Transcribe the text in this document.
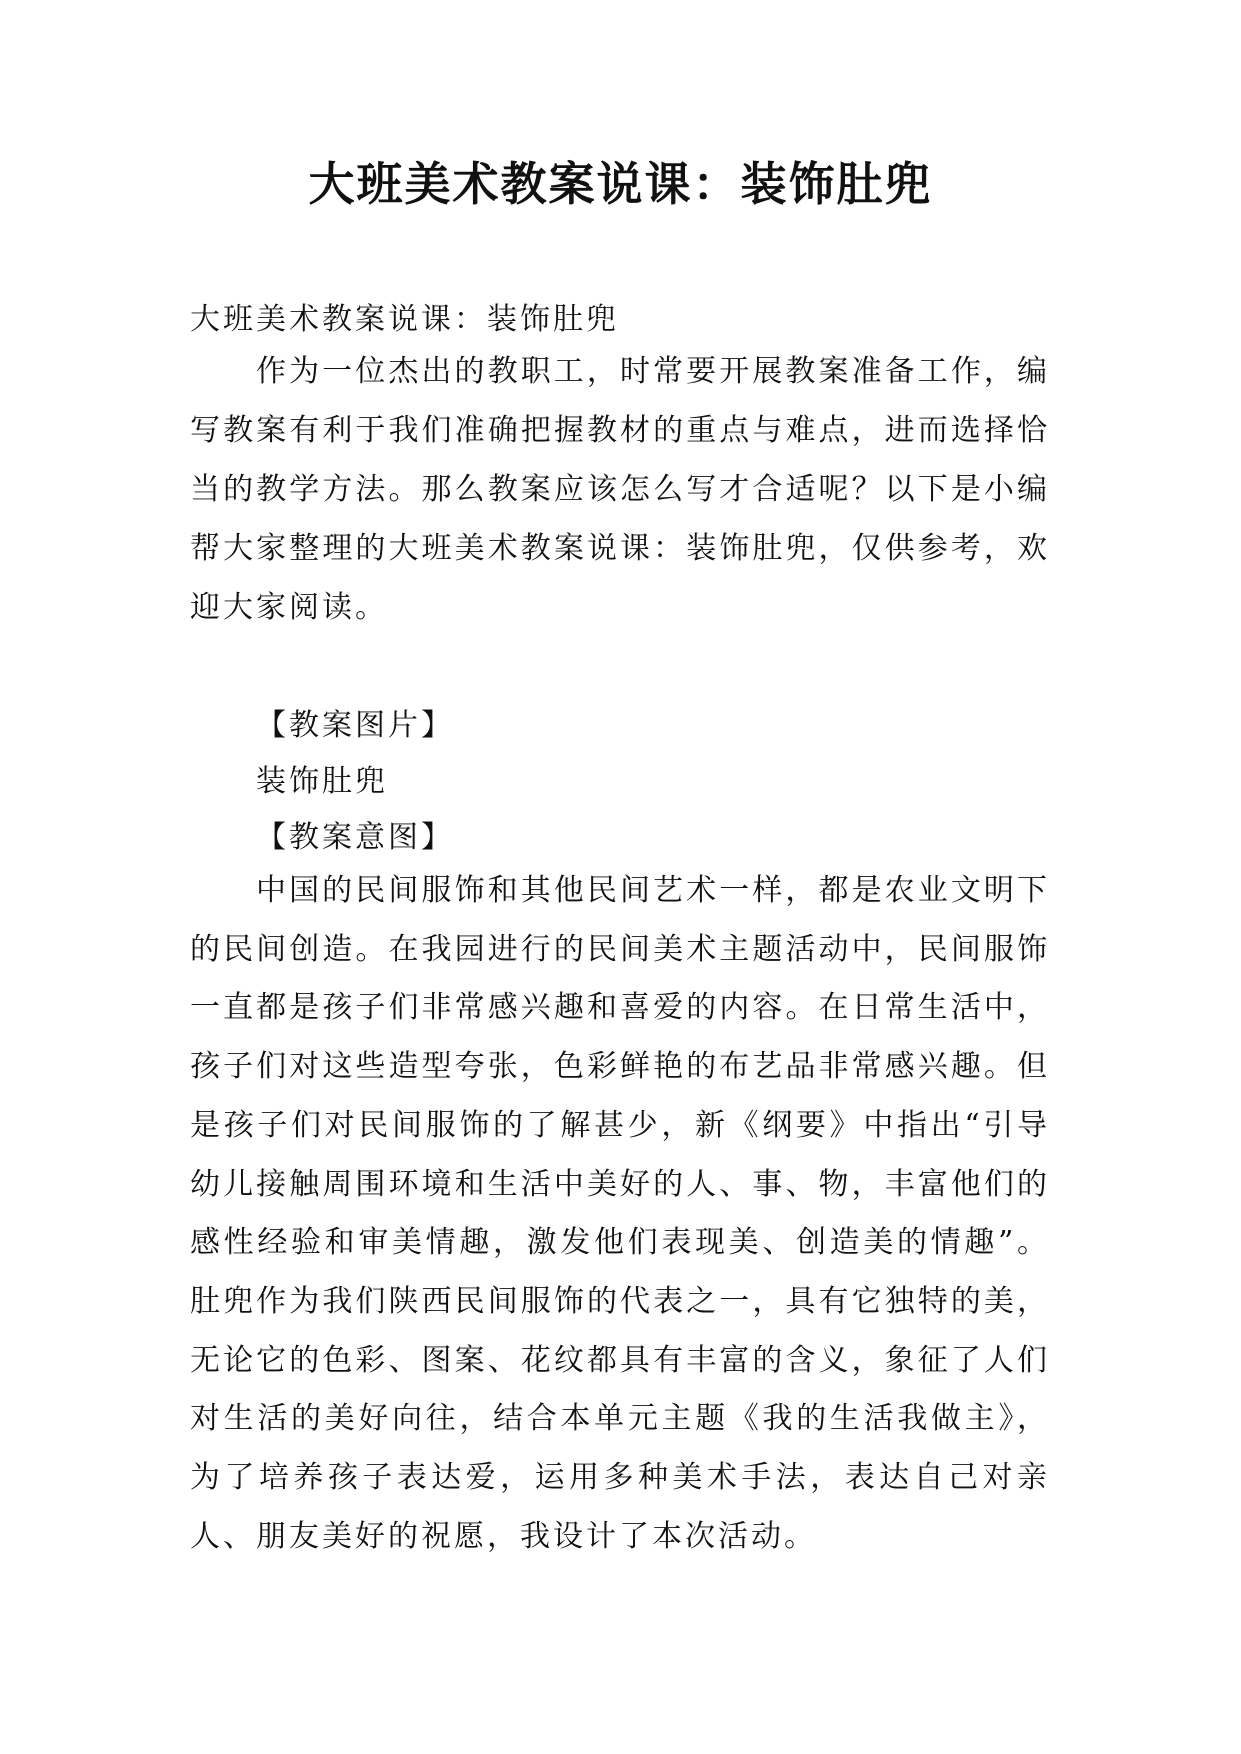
大班美术教案说课：装饰肚兜

大班美术教案说课：装饰肚兜

作为一位杰出的教职工，时常要开展教案准备工作，编写教案有利于我们准确把握教材的重点与难点，进而选择恰当的教学方法。那么教案应该怎么写才合适呢？以下是小编帮大家整理的大班美术教案说课：装饰肚兜，仅供参考，欢迎大家阅读。

【教案图片】

装饰肚兜

【教案意图】

中国的民间服饰和其他民间艺术一样，都是农业文明下的民间创造。在我园进行的民间美术主题活动中，民间服饰一直都是孩子们非常感兴趣和喜爱的内容。在日常生活中，孩子们对这些造型夸张，色彩鲜艳的布艺品非常感兴趣。但是孩子们对民间服饰的了解甚少，新《纲要》中指出“引导幼儿接触周围环境和生活中美好的人、事、物，丰富他们的感性经验和审美情趣，激发他们表现美、创造美的情趣”。肚兜作为我们陕西民间服饰的代表之一，具有它独特的美，无论它的色彩、图案、花纹都具有丰富的含义，象征了人们对生活的美好向往，结合本单元主题《我的生活我做主》，为了培养孩子表达爱，运用多种美术手法，表达自己对亲人、朋友美好的祝愿，我设计了本次活动。
